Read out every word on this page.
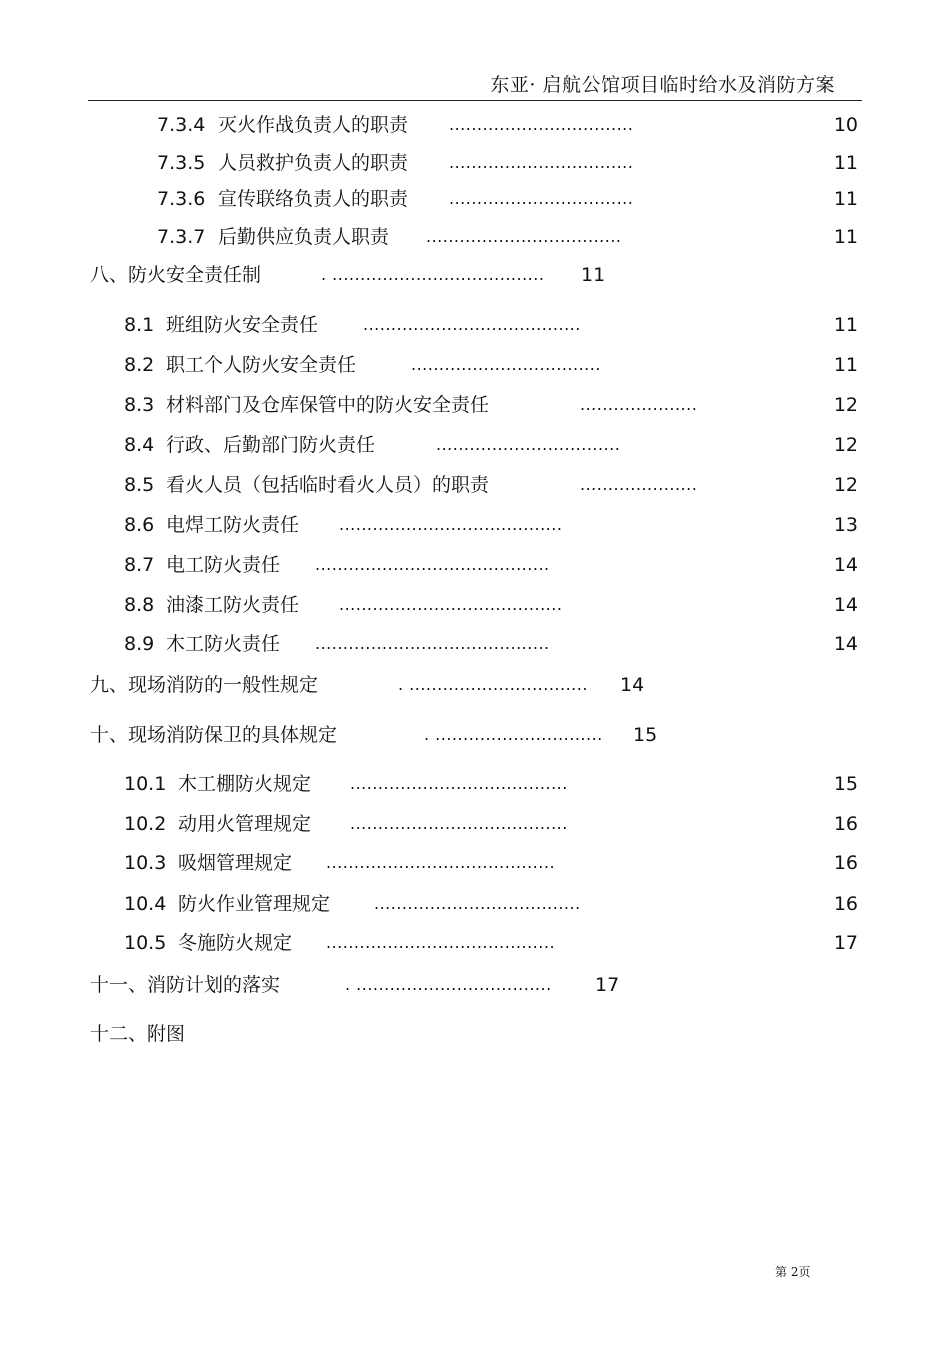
东亚· 启航公馆项目临时给水及消防方案
7.3.4 灭火作战负责人的职责	.................................	10
7.3.5 人员救护负责人的职责	.................................	11
7.3.6 宣传联络负责人的职责	.................................	11
7.3.7 后勤供应负责人职责 ...................................	11
八、防火安全责任制	. ...................................... 11
8.1 班组防火安全责任	.......................................	11
8.2 职工个人防火安全责任	..................................	11
8.3 材料部门及仓库保管中的防火安全责任	.....................	12
8.4 行政、后勤部门防火责任	.................................	12
8.5 看火人员（包括临时看火人员）的职责	.....................	12
8.6 电焊工防火责任 ........................................	13
8.7 电工防火责任 ..........................................	14
8.8 油漆工防火责任 ........................................	14
8.9 木工防火责任 ..........................................	14
九、现场消防的一般性规定	. ................................ 14
十、现场消防保卫的具体规定	. .............................. 15
10.1 木工棚防火规定 .......................................	15
10.2 动用火管理规定 .......................................	16
10.3 吸烟管理规定 .........................................	16
10.4 防火作业管理规定	.....................................	16
10.5 冬施防火规定 .........................................	17
十一、消防计划的落实	. ................................... 17
十二、附图
第 2页
